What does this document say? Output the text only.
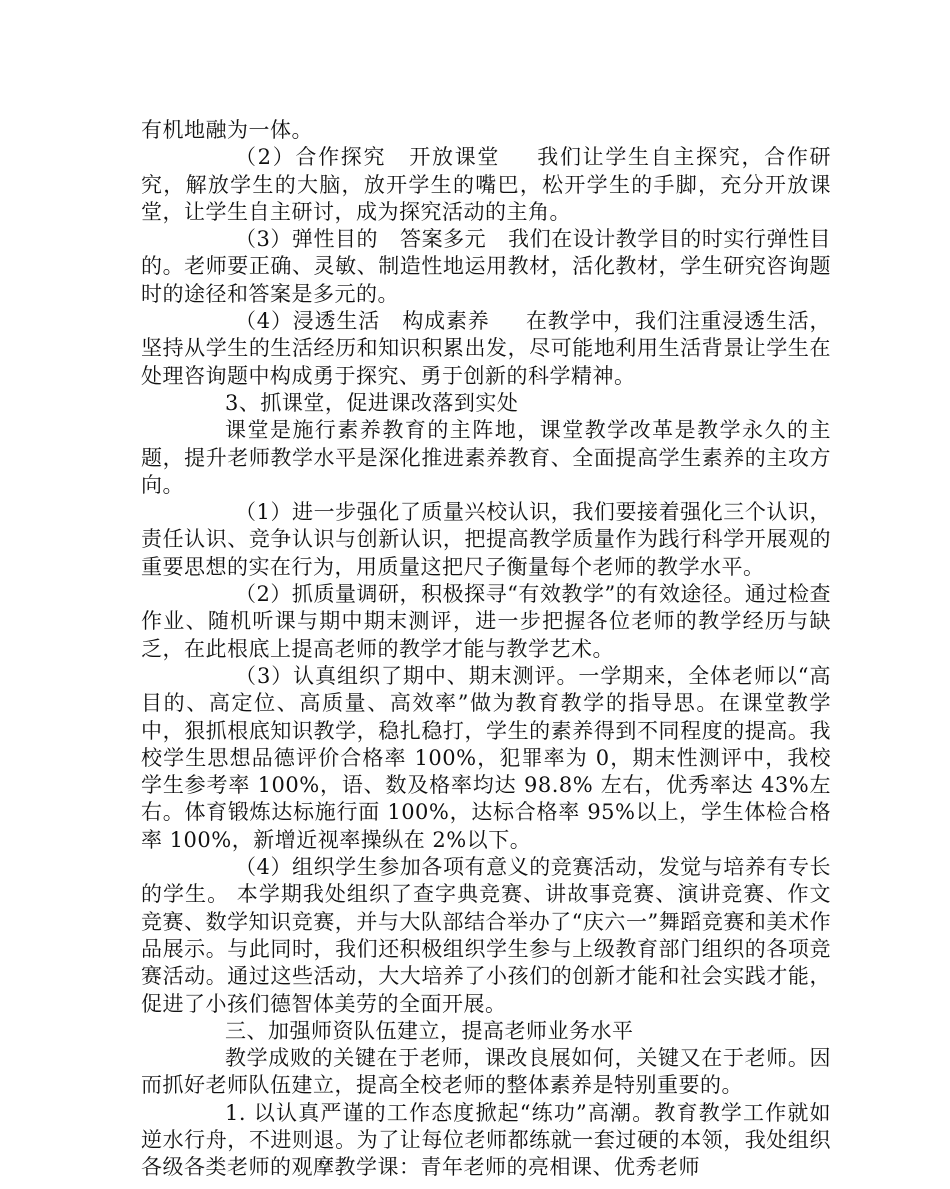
有机地融为一体。

（2）合作探究 开放课堂 我们让学生自主探究，合作研究，解放学生的大脑，放开学生的嘴巴，松开学生的手脚，充分开放课堂，让学生自主研讨，成为探究活动的主角。

（3）弹性目的 答案多元 我们在设计教学目的时实行弹性目的。老师要正确、灵敏、制造性地运用教材，活化教材，学生研究咨询题时的途径和答案是多元的。

（4）浸透生活 构成素养 在教学中，我们注重浸透生活，坚持从学生的生活经历和知识积累出发，尽可能地利用生活背景让学生在处理咨询题中构成勇于探究、勇于创新的科学精神。

3、抓课堂，促进课改落到实处

课堂是施行素养教育的主阵地，课堂教学改革是教学永久的主题，提升老师教学水平是深化推进素养教育、全面提高学生素养的主攻方向。

（1）进一步强化了质量兴校认识，我们要接着强化三个认识，责任认识、竞争认识与创新认识，把提高教学质量作为践行科学开展观的重要思想的实在行为，用质量这把尺子衡量每个老师的教学水平。

（2）抓质量调研，积极探寻“有效教学”的有效途径。通过检查作业、随机听课与期中期末测评，进一步把握各位老师的教学经历与缺乏，在此根底上提高老师的教学才能与教学艺术。

（3）认真组织了期中、期末测评。一学期来，全体老师以“高目的、高定位、高质量、高效率”做为教育教学的指导思。在课堂教学中，狠抓根底知识教学，稳扎稳打，学生的素养得到不同程度的提高。我校学生思想品德评价合格率 100%，犯罪率为 0，期末性测评中，我校学生参考率 100%，语、数及格率均达 98.8% 左右，优秀率达 43%左右。体育锻炼达标施行面 100%，达标合格率 95%以上，学生体检合格率 100%，新增近视率操纵在 2%以下。

（4）组织学生参加各项有意义的竞赛活动，发觉与培养有专长的学生。 本学期我处组织了查字典竞赛、讲故事竞赛、演讲竞赛、作文竞赛、数学知识竞赛，并与大队部结合举办了“庆六一”舞蹈竞赛和美术作品展示。与此同时，我们还积极组织学生参与上级教育部门组织的各项竞赛活动。通过这些活动，大大培养了小孩们的创新才能和社会实践才能，促进了小孩们德智体美劳的全面开展。

三、加强师资队伍建立，提高老师业务水平

教学成败的关键在于老师，课改良展如何，关键又在于老师。因而抓好老师队伍建立，提高全校老师的整体素养是特别重要的。

1. 以认真严谨的工作态度掀起“练功”高潮。教育教学工作就如逆水行舟，不进则退。为了让每位老师都练就一套过硬的本领，我处组织各级各类老师的观摩教学课：青年老师的亮相课、优秀老师
